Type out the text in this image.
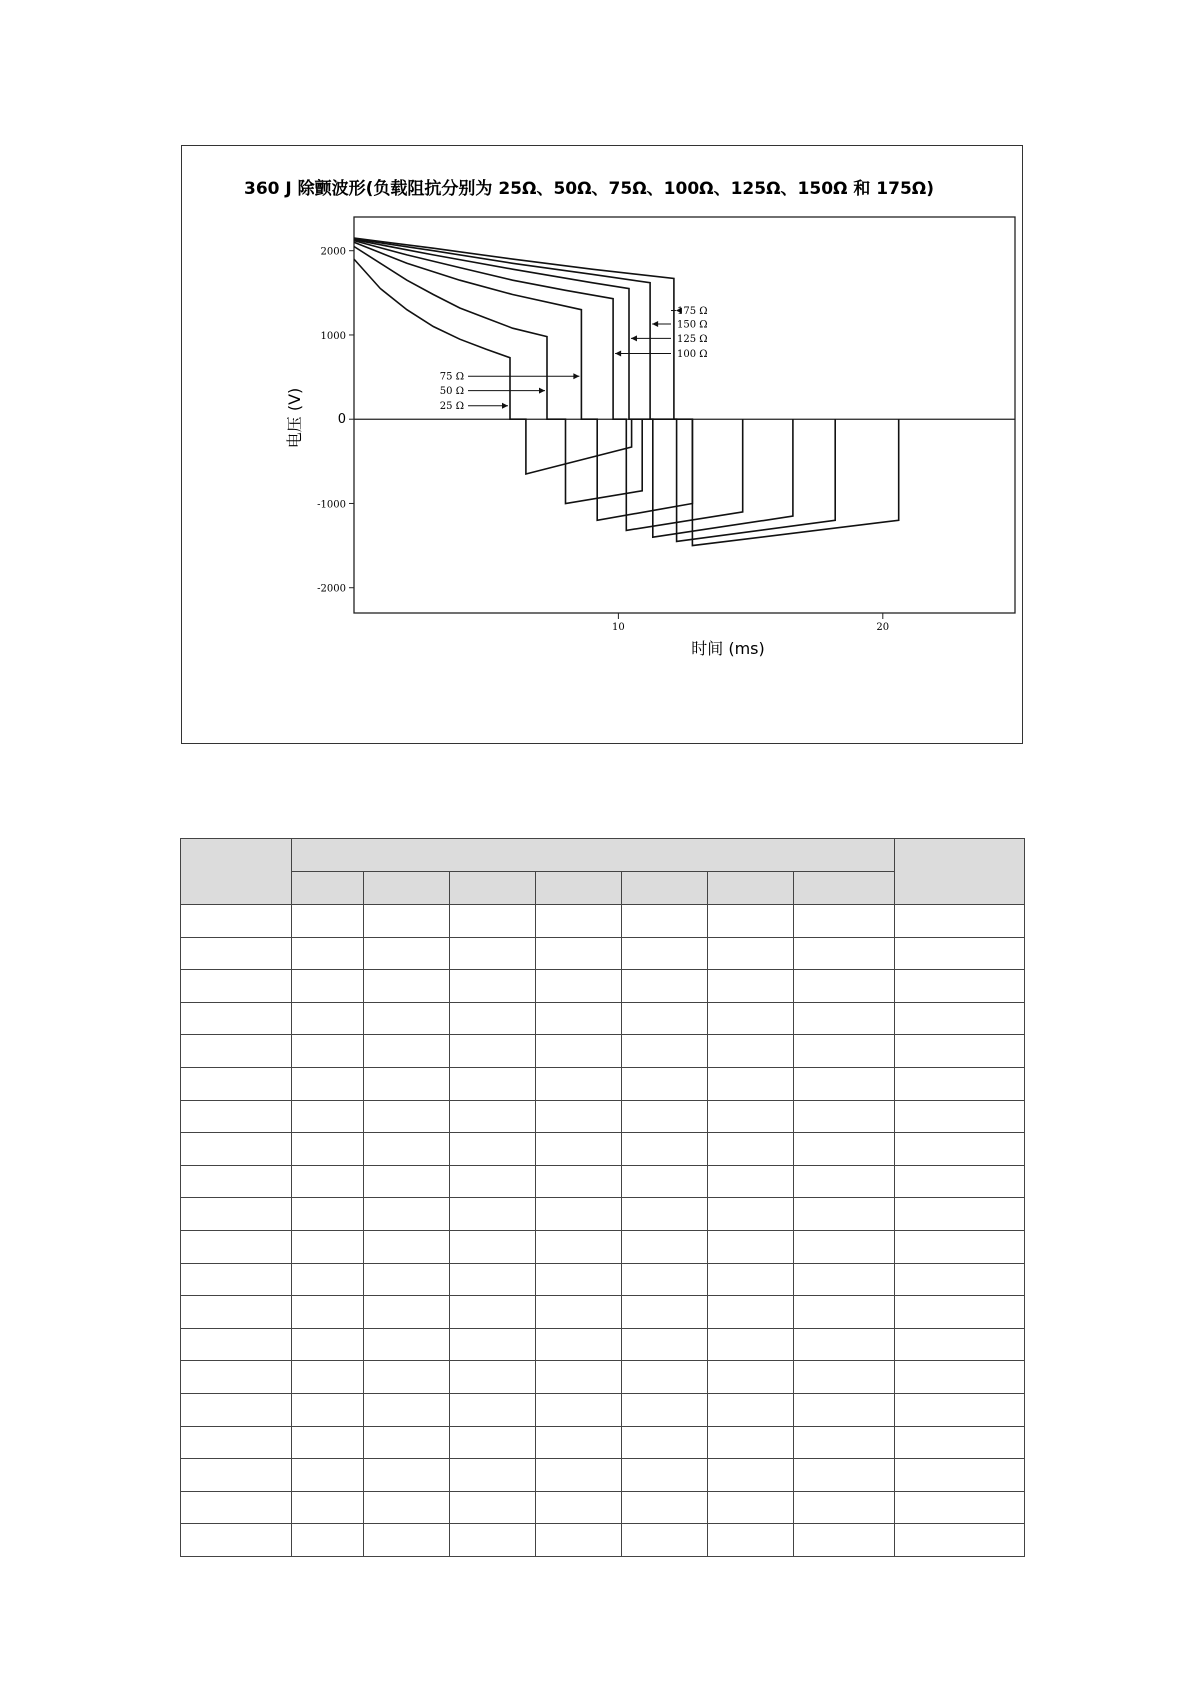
360 J 除颤波形(负载阻抗分别为 25Ω、50Ω、75Ω、100Ω、125Ω、150Ω 和 175Ω)
2000
1000
0
-1000
-2000
10	20
175 Ω
150 Ω
125 Ω
100 Ω
75 Ω
50 Ω
25 Ω
电压 (V)
时间 (ms)
